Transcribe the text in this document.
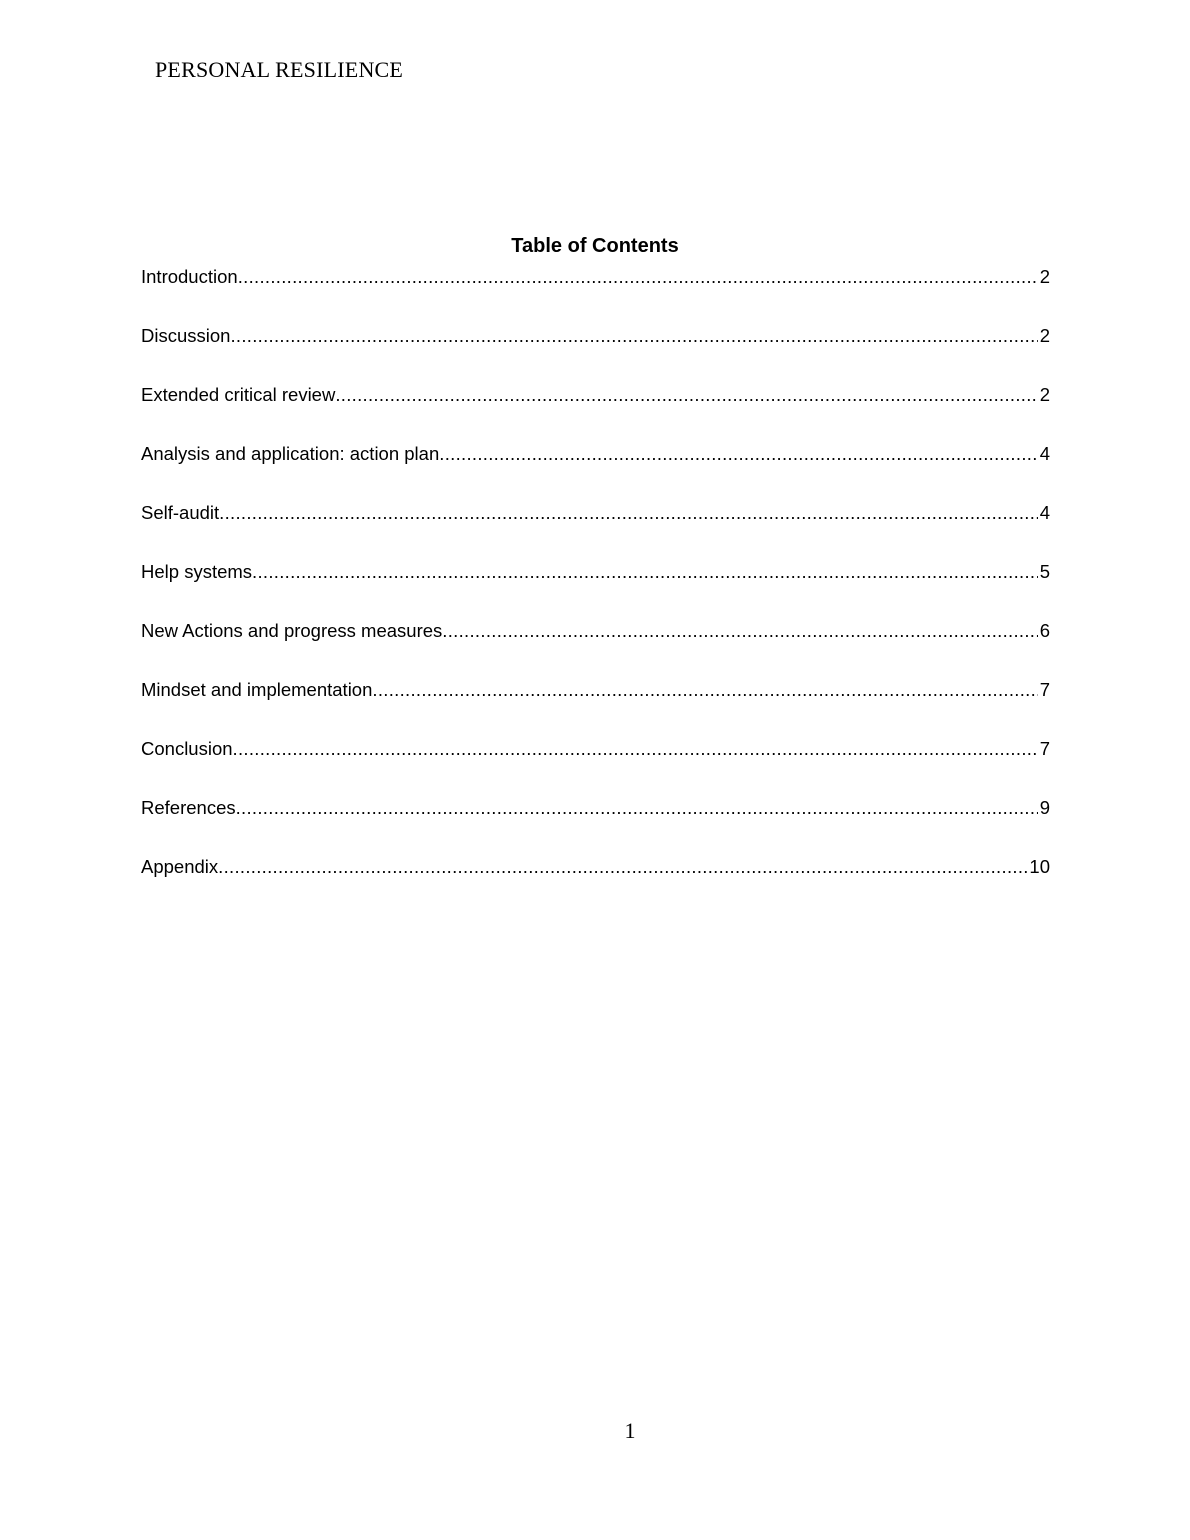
PERSONAL RESILIENCE
Table of Contents
Introduction .....	2
Discussion .....	2
Extended critical review .....	2
Analysis and application: action plan .....	4
Self-audit .....	4
Help systems .....	5
New Actions and progress measures .....	6
Mindset and implementation .....	7
Conclusion .....	7
References .....	9
Appendix .....	10
1
